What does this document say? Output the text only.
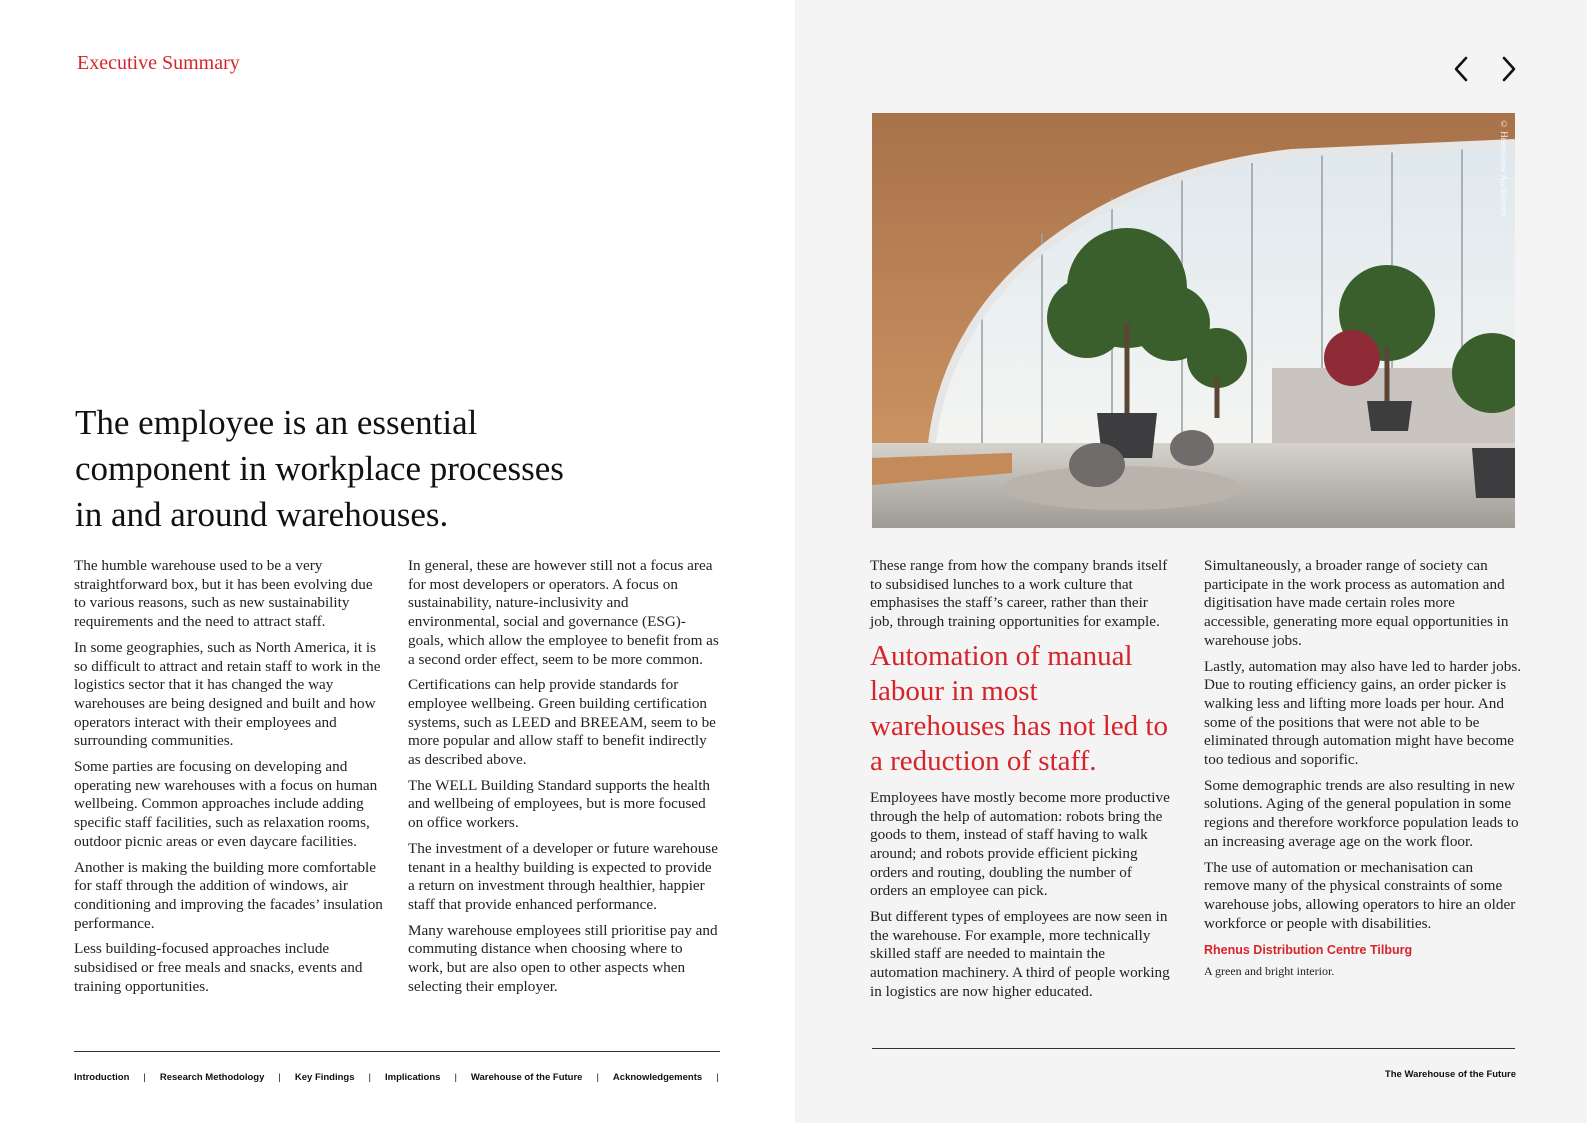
Executive Summary
The employee is an essential
component in workplace processes
in and around warehouses.

The humble warehouse used to be a very straightforward box, but it has been evolving due to various reasons, such as new sustainability requirements and the need to attract staff.

In some geographies, such as North America, it is so difficult to attract and retain staff to work in the logistics sector that it has changed the way warehouses are being designed and built and how operators interact with their employees and surrounding communities.

Some parties are focusing on developing and operating new warehouses with a focus on human wellbeing. Common approaches include adding specific staff facilities, such as relaxation rooms, outdoor picnic areas or even daycare facilities.

Another is making the building more comfortable for staff through the addition of windows, air conditioning and improving the facades’ insulation performance.

Less building-focused approaches include subsidised or free meals and snacks, events and training opportunities.

In general, these are however still not a focus area for most developers or operators. A focus on sustainability, nature-inclusivity and environmental, social and governance (ESG)-goals, which allow the employee to benefit from as a second order effect, seem to be more common.

Certifications can help provide standards for employee wellbeing. Green building certification systems, such as LEED and BREEAM, seem to be more popular and allow staff to benefit indirectly as described above.

The WELL Building Standard supports the health and wellbeing of employees, but is more focused on office workers.

The investment of a developer or future warehouse tenant in a healthy building is expected to provide a return on investment through healthier, happier staff that provide enhanced performance.

Many warehouse employees still prioritise pay and commuting distance when choosing where to work, but are also open to other aspects when selecting their employer.

Introduction | Research Methodology | Key Findings | Implications | Warehouse of the Future | Acknowledgements |
© Heembouw Architecten

These range from how the company brands itself to subsidised lunches to a work culture that emphasises the staff’s career, rather than their job, through training opportunities for example.

Automation of manual labour in most warehouses has not led to a reduction of staff.

Employees have mostly become more productive through the help of automation: robots bring the goods to them, instead of staff having to walk around; and robots provide efficient picking orders and routing, doubling the number of orders an employee can pick.

But different types of employees are now seen in the warehouse. For example, more technically skilled staff are needed to maintain the automation machinery. A third of people working in logistics are now higher educated.

Simultaneously, a broader range of society can participate in the work process as automation and digitisation have made certain roles more accessible, generating more equal opportunities in warehouse jobs.

Lastly, automation may also have led to harder jobs. Due to routing efficiency gains, an order picker is walking less and lifting more loads per hour. And some of the positions that were not able to be eliminated through automation might have become too tedious and soporific.

Some demographic trends are also resulting in new solutions. Aging of the general population in some regions and therefore workforce population leads to an increasing average age on the work floor.

The use of automation or mechanisation can remove many of the physical constraints of some warehouse jobs, allowing operators to hire an older workforce or people with disabilities.

Rhenus Distribution Centre Tilburg
A green and bright interior.
The Warehouse of the Future
